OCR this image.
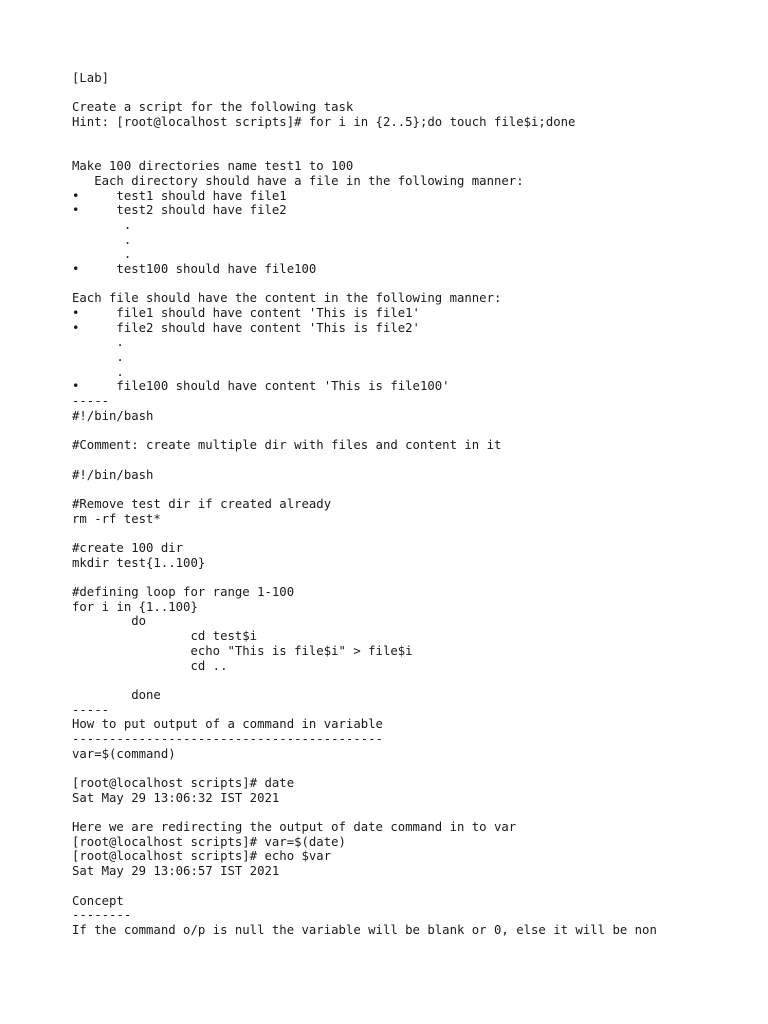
[Lab]
Create a script for the following task
Hint: [root@localhost scripts]# for i in {2..5};do touch file$i;done
Make 100 directories name test1 to 100
Each directory should have a file in the following manner:
•     test1 should have file1
•     test2 should have file2
.
.
.
•     test100 should have file100
Each file should have the content in the following manner:
•     file1 should have content 'This is file1'
•     file2 should have content 'This is file2'
.
.
.
•     file100 should have content 'This is file100'
-----
#!/bin/bash
#Comment: create multiple dir with files and content in it
#!/bin/bash
#Remove test dir if created already
rm -rf test*
#create 100 dir
mkdir test{1..100}
#defining loop for range 1-100
for i in {1..100}
do
cd test$i
echo "This is file$i" > file$i
cd ..
done
-----
How to put output of a command in variable
------------------------------------------
var=$(command)
[root@localhost scripts]# date
Sat May 29 13:06:32 IST 2021
Here we are redirecting the output of date command in to var
[root@localhost scripts]# var=$(date)
[root@localhost scripts]# echo $var
Sat May 29 13:06:57 IST 2021
Concept
--------
If the command o/p is null the variable will be blank or 0, else it will be non
